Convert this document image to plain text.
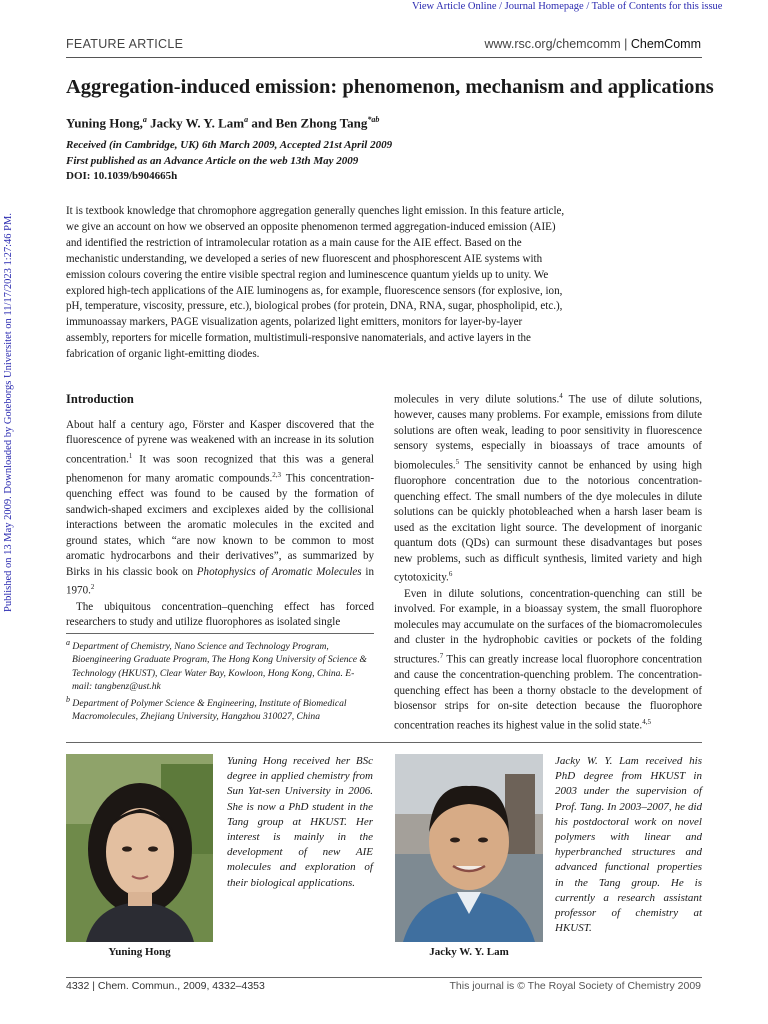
View Article Online / Journal Homepage / Table of Contents for this issue
Published on 13 May 2009. Downloaded by Goteborgs Universitet on 11/17/2023 1:27:46 PM.
FEATURE ARTICLE	www.rsc.org/chemcomm | ChemComm
Aggregation-induced emission: phenomenon, mechanism and applications
Yuning Hong,$^a$ Jacky W. Y. Lam$^a$ and Ben Zhong Tang$^{*ab}$
Received (in Cambridge, UK) 6th March 2009, Accepted 21st April 2009
First published as an Advance Article on the web 13th May 2009
DOI: 10.1039/b904665h
It is textbook knowledge that chromophore aggregation generally quenches light emission. In this feature article, we give an account on how we observed an opposite phenomenon termed aggregation-induced emission (AIE) and identified the restriction of intramolecular rotation as a main cause for the AIE effect. Based on the mechanistic understanding, we developed a series of new fluorescent and phosphorescent AIE systems with emission colours covering the entire visible spectral region and luminescence quantum yields up to unity. We explored high-tech applications of the AIE luminogens as, for example, fluorescence sensors (for explosive, ion, pH, temperature, viscosity, pressure, etc.), biological probes (for protein, DNA, RNA, sugar, phospholipid, etc.), immunoassay markers, PAGE visualization agents, polarized light emitters, monitors for layer-by-layer assembly, reporters for micelle formation, multistimuli-responsive nanomaterials, and active layers in the fabrication of organic light-emitting diodes.
Introduction

About half a century ago, Förster and Kasper discovered that the fluorescence of pyrene was weakened with an increase in its solution concentration.$^1$ It was soon recognized that this was a general phenomenon for many aromatic compounds.$^{2,3}$ This concentration-quenching effect was found to be caused by the formation of sandwich-shaped excimers and exciplexes aided by the collisional interactions between the aromatic molecules in the excited and ground states, which “are now known to be common to most aromatic hydrocarbons and their derivatives”, as summarized by Birks in his classic book on Photophysics of Aromatic Molecules in 1970.$^2$

The ubiquitous concentration–quenching effect has forced researchers to study and utilize fluorophores as isolated single

molecules in very dilute solutions.$^4$ The use of dilute solutions, however, causes many problems. For example, emissions from dilute solutions are often weak, leading to poor sensitivity in fluorescence sensory systems, especially in bioassays of trace amounts of biomolecules.$^5$ The sensitivity cannot be enhanced by using high fluorophore concentration due to the notorious concentration-quenching effect. The small numbers of the dye molecules in dilute solutions can be quickly photobleached when a harsh laser beam is used as the excitation light source. The development of inorganic quantum dots (QDs) can surmount these disadvantages but poses new problems, such as difficult synthesis, limited variety and high cytotoxicity.$^6$

Even in dilute solutions, concentration-quenching can still be involved. For example, in a bioassay system, the small fluorophore molecules may accumulate on the surfaces of the biomacromolecules and cluster in the hydrophobic cavities or pockets of the folding structures.$^7$ This can greatly increase local fluorophore concentration and cause the concentration-quenching problem. The concentration-quenching effect has been a thorny obstacle to the development of biosensor strips for on-site detection because the fluorophore concentration reaches its highest value in the solid state.$^{4,5}$

$^a$ Department of Chemistry, Nano Science and Technology Program, Bioengineering Graduate Program, The Hong Kong University of Science & Technology (HKUST), Clear Water Bay, Kowloon, Hong Kong, China. E-mail: tangbenz@ust.hk
$^b$ Department of Polymer Science & Engineering, Institute of Biomedical Macromolecules, Zhejiang University, Hangzhou 310027, China
Yuning Hong
Yuning Hong received her BSc degree in applied chemistry from Sun Yat-sen University in 2006. She is now a PhD student in the Tang group at HKUST. Her interest is mainly in the development of new AIE molecules and exploration of their biological applications.
Jacky W. Y. Lam
Jacky W. Y. Lam received his PhD degree from HKUST in 2003 under the supervision of Prof. Tang. In 2003–2007, he did his postdoctoral work on novel polymers with linear and hyperbranched structures and advanced functional properties in the Tang group. He is currently a research assistant professor of chemistry at HKUST.
4332 | Chem. Commun., 2009, 4332–4353	This journal is © The Royal Society of Chemistry 2009
